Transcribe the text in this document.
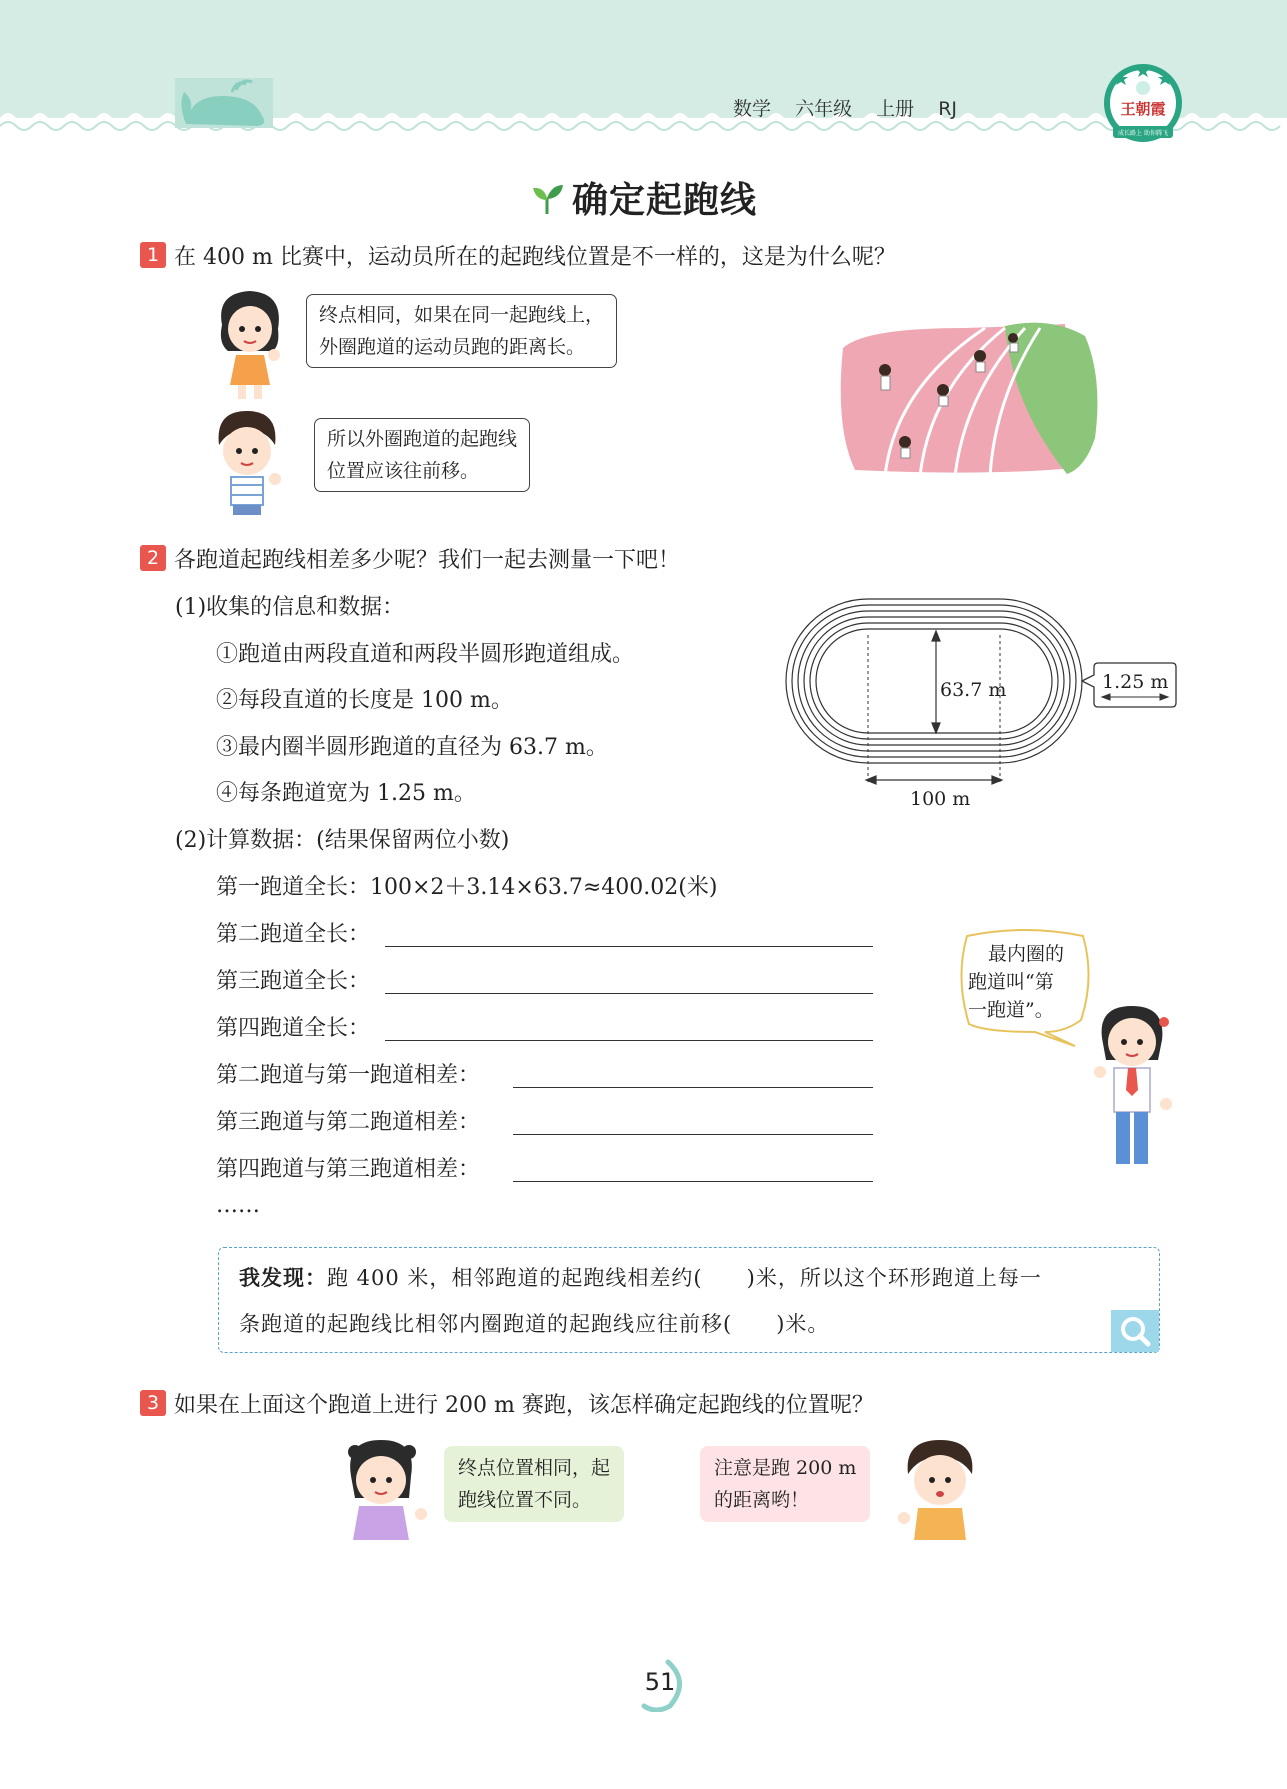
数学 六年级 上册 RJ	王朝霞
成长路上 助你腾飞
确定起跑线
1 在 400 m 比赛中，运动员所在的起跑线位置是不一样的，这是为什么呢？
终点相同，如果在同一起跑线上，
外圈跑道的运动员跑的距离长。
所以外圈跑道的起跑线
位置应该往前移。
2 各跑道起跑线相差多少呢？我们一起去测量一下吧！
(1)收集的信息和数据：
①跑道由两段直道和两段半圆形跑道组成。
②每段直道的长度是 100 m。
③最内圈半圆形跑道的直径为 63.7 m。
④每条跑道宽为 1.25 m。
63.7 m
100 m
1.25 m
(2)计算数据：(结果保留两位小数)
第一跑道全长：100×2＋3.14×63.7≈400.02(米)
第二跑道全长：
第三跑道全长：
第四跑道全长：
第二跑道与第一跑道相差：
第三跑道与第二跑道相差：
第四跑道与第三跑道相差：
……
最内圈的
跑道叫“第
一跑道”。
我发现：跑 400 米，相邻跑道的起跑线相差约(　　)米，所以这个环形跑道上每一
条跑道的起跑线比相邻内圈跑道的起跑线应往前移(　　)米。
3 如果在上面这个跑道上进行 200 m 赛跑，该怎样确定起跑线的位置呢？
终点位置相同，起
跑线位置不同。
注意是跑 200 m
的距离哟！
51
